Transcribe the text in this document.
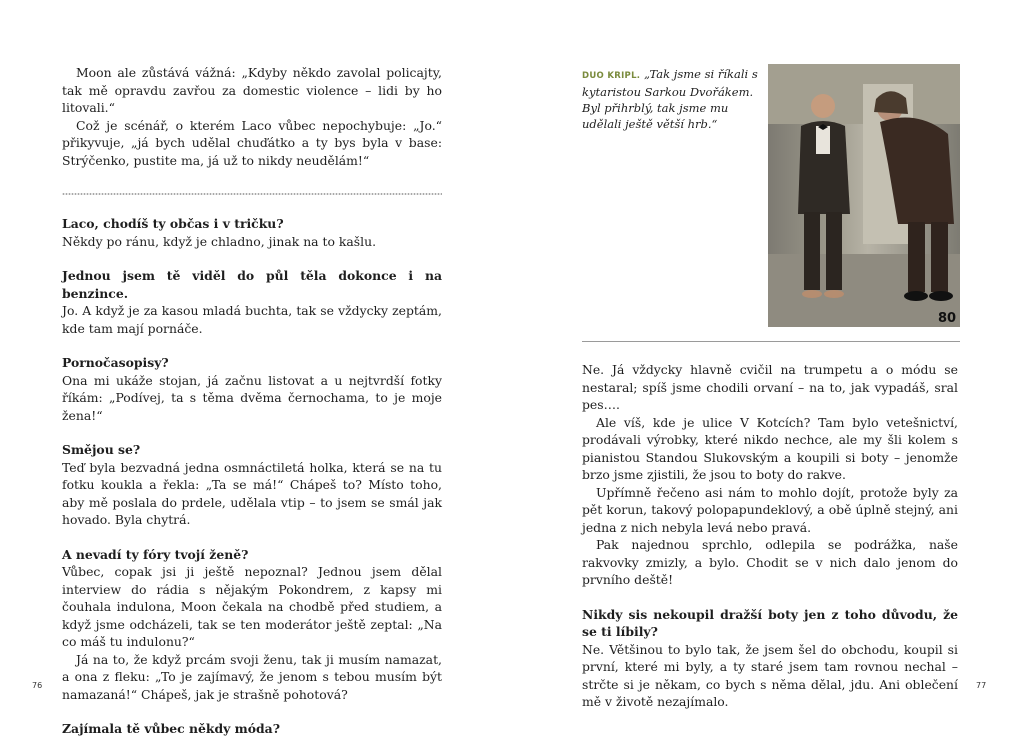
Moon ale zůstává vážná: „Kdyby někdo zavolal policajty, tak mě opravdu zavřou za domestic violence – lidi by ho litovali.“

Což je scénář, o kterém Laco vůbec nepochybuje: „Jo.“ přikyvuje, „já bych udělal chuďátko a ty bys byla v base: Strýčenko, pustite ma, já už to nikdy neudělám!“

Laco, chodíš ty občas i v tričku?

Někdy po ránu, když je chladno, jinak na to kašlu.

Jednou jsem tě viděl do půl těla dokonce i na benzince.

Jo. A když je za kasou mladá buchta, tak se vždycky zeptám, kde tam mají pornáče.

Pornočasopisy?

Ona mi ukáže stojan, já začnu listovat a u nejtvrdší fotky říkám: „Podívej, ta s těma dvěma černochama, to je moje žena!“

Smějou se?

Teď byla bezvadná jedna osmnáctiletá holka, která se na tu fotku koukla a řekla: „Ta se má!“ Chápeš to? Místo toho, aby mě poslala do prdele, udělala vtip – to jsem se smál jak hovado. Byla chytrá.

A nevadí ty fóry tvojí ženě?

Vůbec, copak jsi ji ještě nepoznal? Jednou jsem dělal interview do rádia s nějakým Pokondrem, z kapsy mi čouhala indulona, Moon čekala na chodbě před studiem, a když jsme odcházeli, tak se ten moderátor ještě zeptal: „Na co máš tu indulonu?“

Já na to, že když prcám svoji ženu, tak ji musím namazat, a ona z fleku: „To je zajímavý, že jenom s tebou musím být namazaná!“ Chápeš, jak je strašně pohotová?

Zajímala tě vůbec někdy móda?

76
DUO KRIPL. „Tak jsme si říkali s kytaristou Sarkou Dvořákem. Byl přihrblý, tak jsme mu udělali ještě větší hrb.“
80

Ne. Já vždycky hlavně cvičil na trumpetu a o módu se nestaral; spíš jsme chodili orvaní – na to, jak vypadáš, sral pes….

Ale víš, kde je ulice V Kotcích? Tam bylo vetešnictví, prodávali výrobky, které nikdo nechce, ale my šli kolem s pianistou Standou Slukovským a koupili si boty – jenomže brzo jsme zjistili, že jsou to boty do rakve.

Upřímně řečeno asi nám to mohlo dojít, protože byly za pět korun, takový polopapundeklový, a obě úplně stejný, ani jedna z nich nebyla levá nebo pravá.

Pak najednou sprchlo, odlepila se podrážka, naše rakvovky zmizly, a bylo. Chodit se v nich dalo jenom do prvního deště!

Nikdy sis nekoupil dražší boty jen z toho důvodu, že se ti líbily?

Ne. Většinou to bylo tak, že jsem šel do obchodu, koupil si první, které mi byly, a ty staré jsem tam rovnou nechal – strčte si je někam, co bych s něma dělal, jdu. Ani oblečení mě v životě nezajímalo.

77
